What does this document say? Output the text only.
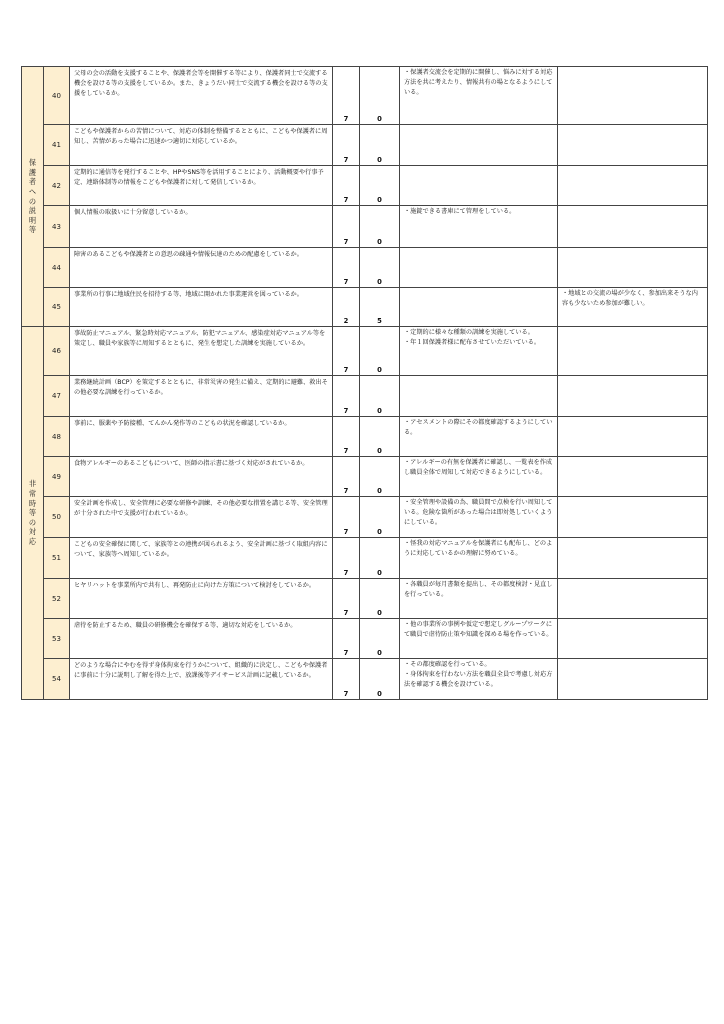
保護者への説明等	40	父母の会の活動を支援することや、保護者会等を開催する等により、保護者同士で交流する機会を設ける等の支援をしているか。また、きょうだい同士で交流する機会を設ける等の支援をしているか。	7	0	・保護者交流会を定期的に開催し、悩みに対する対応方法を共に考えたり、情報共有の場となるようにしている。	

	41	こどもや保護者からの苦情について、対応の体制を整備するとともに、こどもや保護者に周知し、苦情があった場合に迅速かつ適切に対応しているか。	7	0		
	42	定期的に通信等を発行することや、HPやSNS等を活用することにより、活動概要や行事予定、連絡体制等の情報をこどもや保護者に対して発信しているか。	7	0		
	43	個人情報の取扱いに十分留意しているか。	7	0	・施錠できる書庫にて管理をしている。	

	44	障害のあるこどもや保護者との意思の疎通や情報伝達のための配慮をしているか。	7	0		
	45	事業所の行事に地域住民を招待する等、地域に開かれた事業運営を図っているか。	2	5		・地域との交流の場が少なく、参加出来そうな内容も少ないため参加が難しい。
非常時等の対応	46	事故防止マニュアル、緊急時対応マニュアル、防犯マニュアル、感染症対応マニュアル等を策定し、職員や家族等に周知するとともに、発生を想定した訓練を実施しているか。	7	0	・定期的に様々な種類の訓練を実施している。
・年１回保護者様に配布させていただいている。	

	47	業務継続計画（BCP）を策定するとともに、非常災害の発生に備え、定期的に避難、救出その他必要な訓練を行っているか。	7	0		
	48	事前に、服薬や予防接種、てんかん発作等のこどもの状況を確認しているか。	7	0	・アセスメントの際にその都度確認するようにしている。	

	49	食物アレルギーのあるこどもについて、医師の指示書に基づく対応がされているか。	7	0	・アレルギーの有無を保護者に確認し、一覧表を作成し職員全体で周知して対応できるようにしている。	

	50	安全計画を作成し、安全管理に必要な研修や訓練、その他必要な措置を講じる等、安全管理が十分された中で支援が行われているか。	7	0	・安全管理や設備の為、職員間で点検を行い周知している。危険な箇所があった場合は即対処していくようにしている。	

	51	こどもの安全確保に関して、家族等との連携が図られるよう、安全計画に基づく取組内容について、家族等へ周知しているか。	7	0	・怪我の対応マニュアルを保護者にも配布し、どのように対応しているかの理解に努めている。	

	52	ヒヤリハットを事業所内で共有し、再発防止に向けた方策について検討をしているか。	7	0	・各職員が毎月書類を提出し、その都度検討・見直しを行っている。	

	53	虐待を防止するため、職員の研修機会を確保する等、適切な対応をしているか。	7	0	・他の事業所の事例や仮定で想定しグループワークにて職員で虐待防止策や知識を深める場を作っている。	

	54	どのような場合にやむを得ず身体拘束を行うかについて、組織的に決定し、こどもや保護者に事前に十分に説明し了解を得た上で、放課後等デイサービス計画に記載しているか。	7	0	・その都度確認を行っている。
・身体拘束を行わない方法を職員全員で考慮し対応方法を確認する機会を設けている。	
